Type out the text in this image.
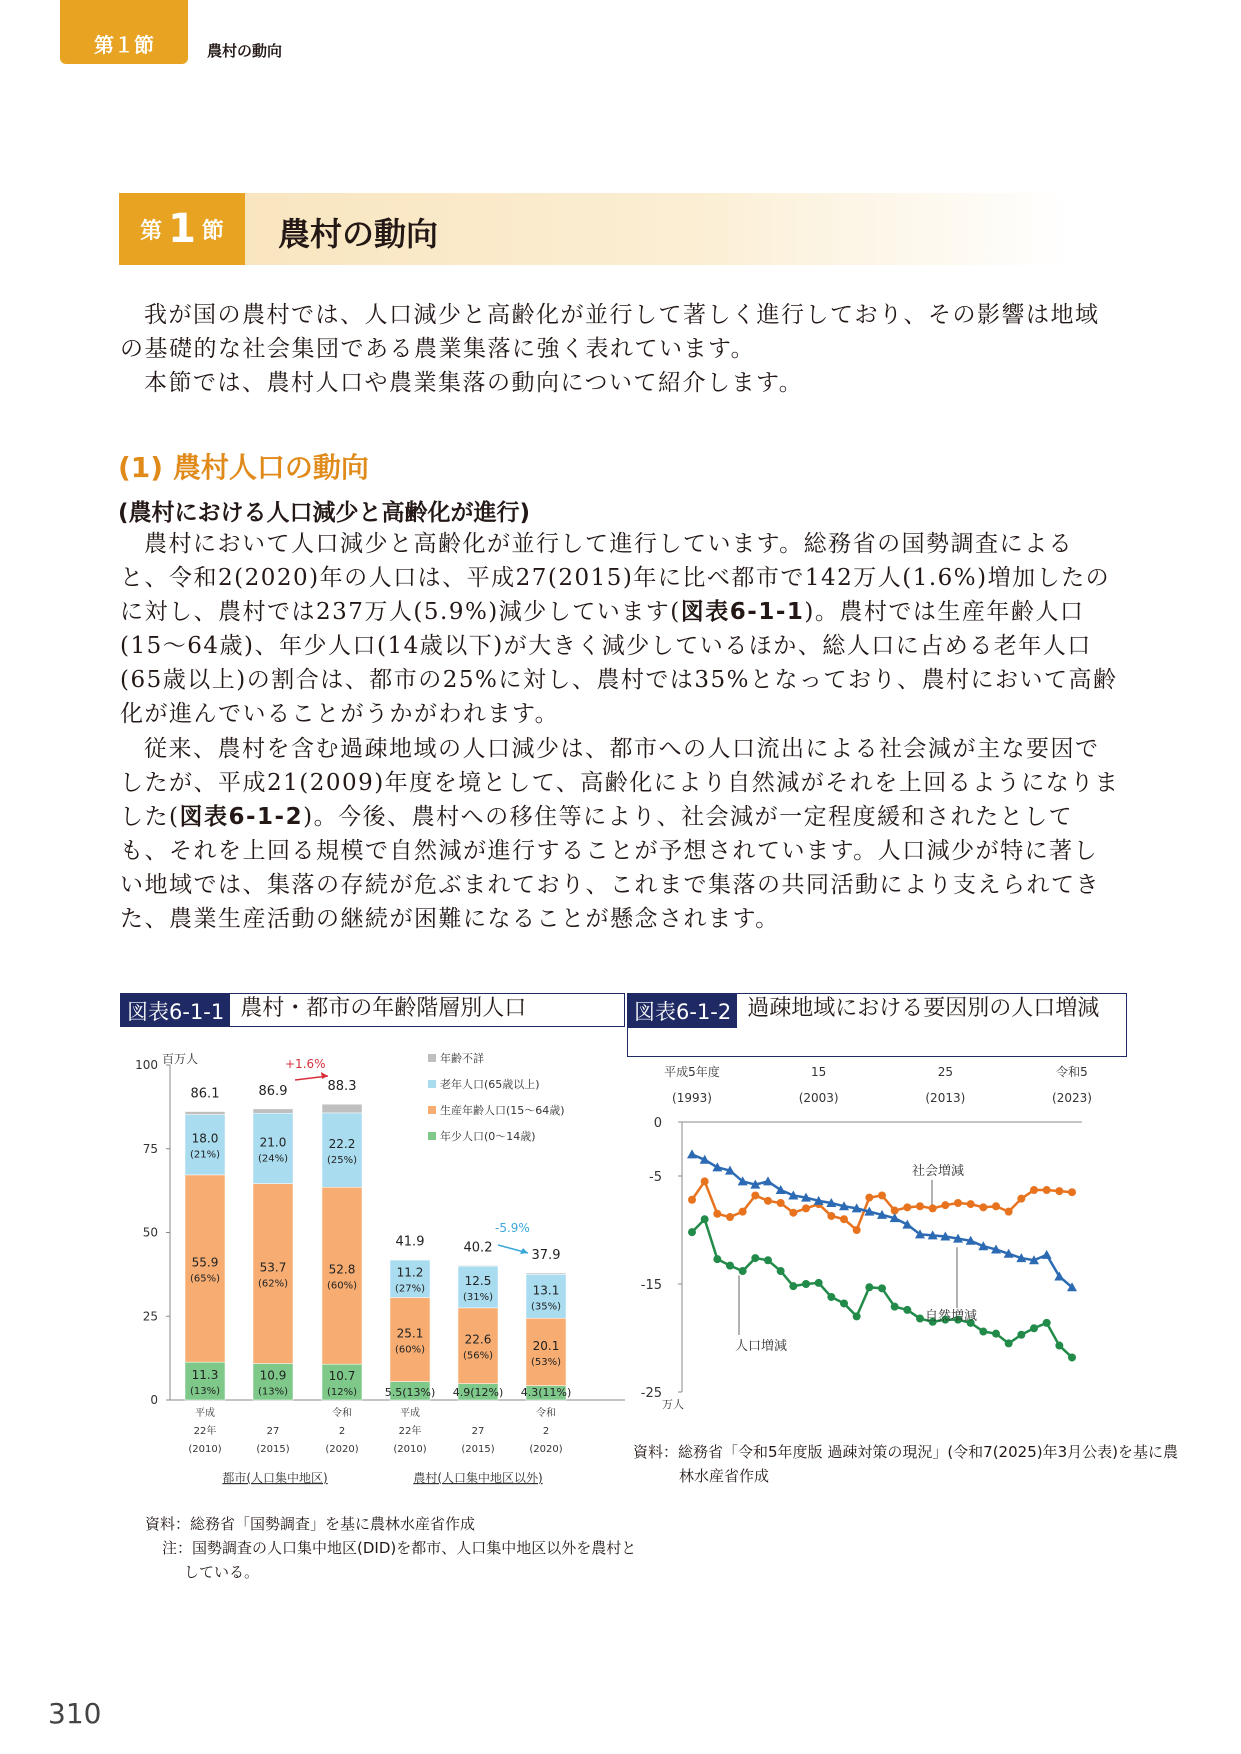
第１節	農村の動向
第 1 節 農村の動向
我が国の農村では、人口減少と高齢化が並行して著しく進行しており、その影響は地域の基礎的な社会集団である農業集落に強く表れています。
本節では、農村人口や農業集落の動向について紹介します。
(1) 農村人口の動向
(農村における人口減少と高齢化が進行)
農村において人口減少と高齢化が並行して進行しています。総務省の国勢調査によると、令和2(2020)年の人口は、平成27(2015)年に比べ都市で142万人(1.6%)増加したのに対し、農村では237万人(5.9%)減少しています(図表6-1-1)。農村では生産年齢人口(15〜64歳)、年少人口(14歳以下)が大きく減少しているほか、総人口に占める老年人口(65歳以上)の割合は、都市の25%に対し、農村では35%となっており、農村において高齢化が進んでいることがうかがわれます。
従来、農村を含む過疎地域の人口減少は、都市への人口流出による社会減が主な要因でしたが、平成21(2009)年度を境として、高齢化により自然減がそれを上回るようになりました(図表6-1-2)。今後、農村への移住等により、社会減が一定程度緩和されたとしても、それを上回る規模で自然減が進行することが予想されています。人口減少が特に著しい地域では、集落の存続が危ぶまれており、これまで集落の共同活動により支えられてきた、農業生産活動の継続が困難になることが懸念されます。
図表6-1-1 農村・都市の年齢階層別人口	図表6-1-2 過疎地域における要因別の人口増減
0
25
50
75
100 百万人
11.3
(13%)
55.9
(65%)
18.0
(21%)
86.1
平成
22年
(2010)
10.9
(13%)
53.7
(62%)
21.0
(24%)
86.9
27
(2015)
10.7
(12%)
52.8
(60%)
22.2
(25%)
88.3
令和
2
(2020)
5.5(13%)
25.1
(60%)
11.2
(27%)
41.9
平成
22年
(2010)
4.9(12%)
22.6
(56%)
12.5
(31%)
40.2
27
(2015)
4.3(11%)
20.1
(53%)
13.1
(35%)
37.9
令和
2
(2020)
都市(人口集中地区)	農村(人口集中地区以外)
+1.6%
-5.9%
年齢不詳
老年人口(65歳以上)
生産年齢人口(15〜64歳)
年少人口(0〜14歳)
0
-5
-15
-25
万人
平成5年度
(1993)
15
(2003)
25
(2013)
令和5
(2023)
社会増減
自然増減
人口増減
資料：総務省「国勢調査」を基に農林水産省作成
注：国勢調査の人口集中地区(DID)を都市、人口集中地区以外を農村としている。
資料：総務省「令和5年度版 過疎対策の現況」(令和7(2025)年3月公表)を基に農林水産省作成
310
